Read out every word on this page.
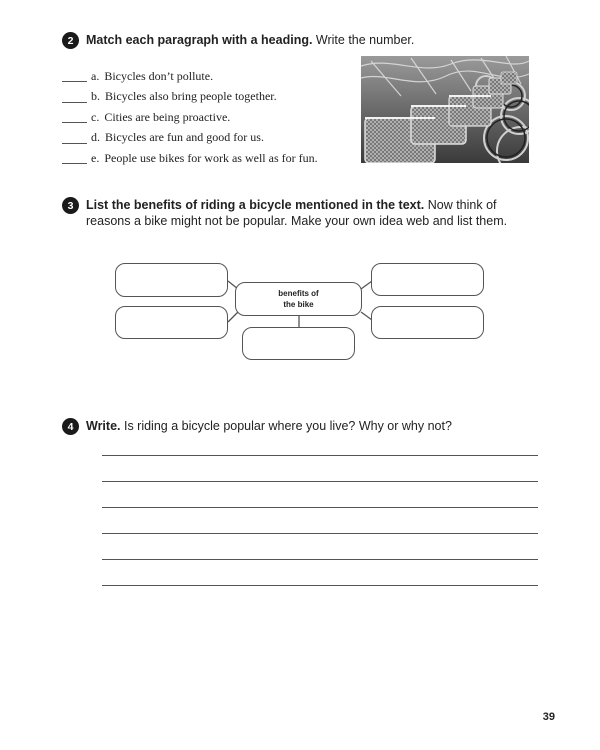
2	Match each paragraph with a heading. Write the number.
a. Bicycles don’t pollute.
b. Bicycles also bring people together.
c. Cities are being proactive.
d. Bicycles are fun and good for us.
e. People use bikes for work as well as for fun.
3	List the benefits of riding a bicycle mentioned in the text. Now think of reasons a bike might not be popular. Make your own idea web and list them.
benefits of
the bike
4	Write. Is riding a bicycle popular where you live? Why or why not?
39
